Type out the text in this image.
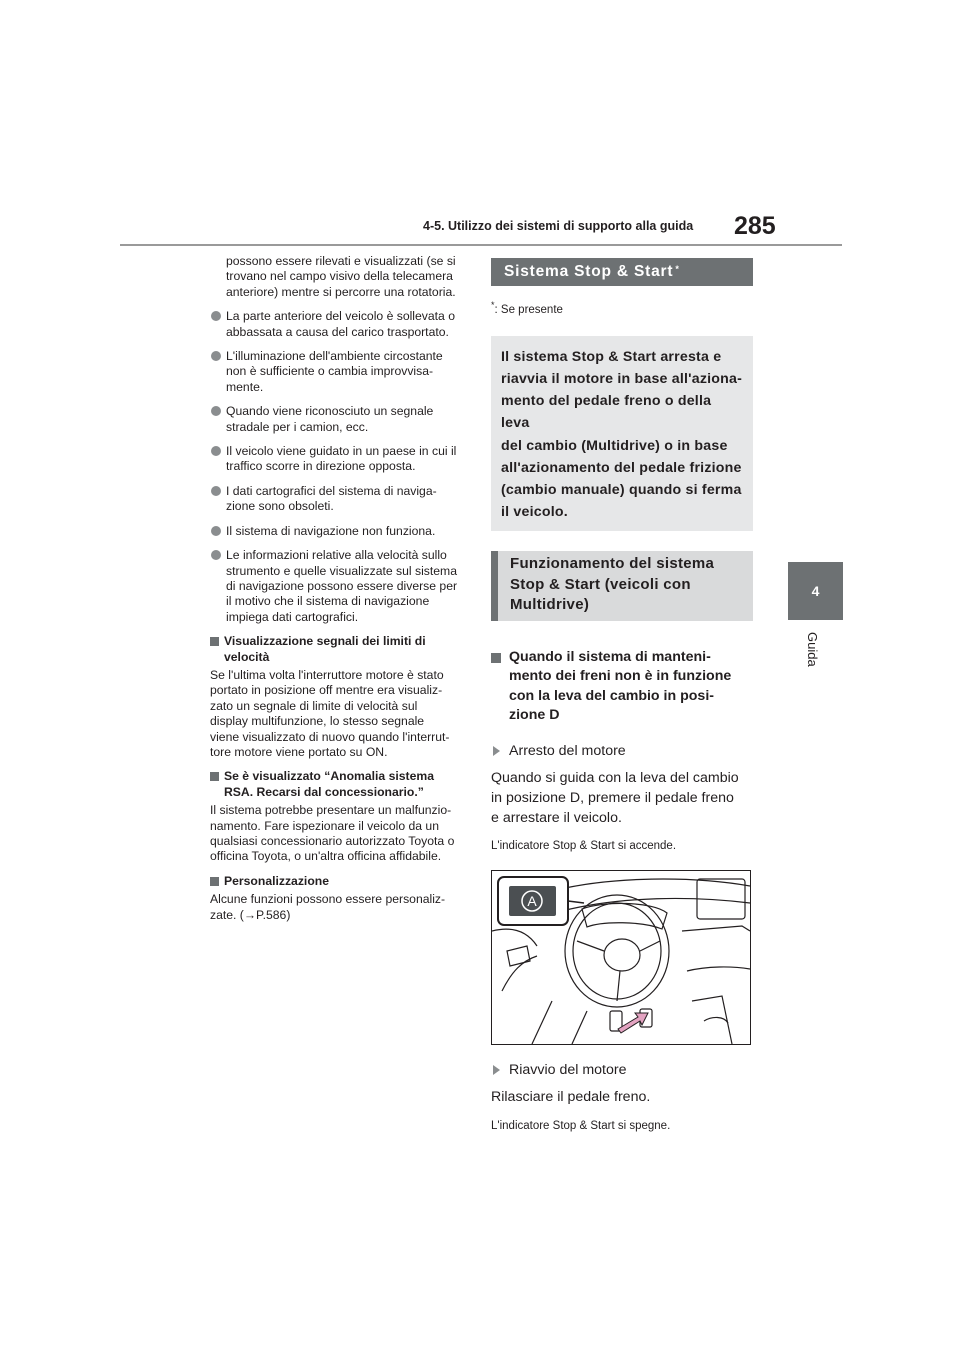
4-5. Utilizzo dei sistemi di supporto alla guida 285
4
Guida

possono essere rilevati e visualizzati (se si
trovano nel campo visivo della telecamera
anteriore) mentre si percorre una rotatoria.

La parte anteriore del veicolo è sollevata o
abbassata a causa del carico trasportato.
L'illuminazione dell'ambiente circostante
non è sufficiente o cambia improvvisa-
mente.
Quando viene riconosciuto un segnale
stradale per i camion, ecc.
Il veicolo viene guidato in un paese in cui il
traffico scorre in direzione opposta.
I dati cartografici del sistema di naviga-
zione sono obsoleti.
Il sistema di navigazione non funziona.
Le informazioni relative alla velocità sullo
strumento e quelle visualizzate sul sistema
di navigazione possono essere diverse per
il motivo che il sistema di navigazione
impiega dati cartografici.
Visualizzazione segnali dei limiti di
velocità

Se l'ultima volta l'interruttore motore è stato
portato in posizione off mentre era visualiz-
zato un segnale di limite di velocità sul
display multifunzione, lo stesso segnale
viene visualizzato di nuovo quando l'interrut-
tore motore viene portato su ON.

Se è visualizzato “Anomalia sistema
RSA. Recarsi dal concessionario.”

Il sistema potrebbe presentare un malfunzio-
namento. Fare ispezionare il veicolo da un
qualsiasi concessionario autorizzato Toyota o
officina Toyota, o un'altra officina affidabile.

Personalizzazione

Alcune funzioni possono essere personaliz-
zate. (→P.586)

Sistema Stop & Start*
*: Se presente
Il sistema Stop & Start arresta e
riavvia il motore in base all'aziona-
mento del pedale freno o della leva
del cambio (Multidrive) o in base
all'azionamento del pedale frizione
(cambio manuale) quando si ferma
il veicolo.
Funzionamento del sistema
Stop & Start (veicoli con
Multidrive)
Quando il sistema di manteni-
mento dei freni non è in funzione
con la leva del cambio in posi-
zione D
Arresto del motore
Quando si guida con la leva del cambio
in posizione D, premere il pedale freno
e arrestare il veicolo.
L'indicatore Stop & Start si accende.
A
Riavvio del motore
Rilasciare il pedale freno.
L'indicatore Stop & Start si spegne.
